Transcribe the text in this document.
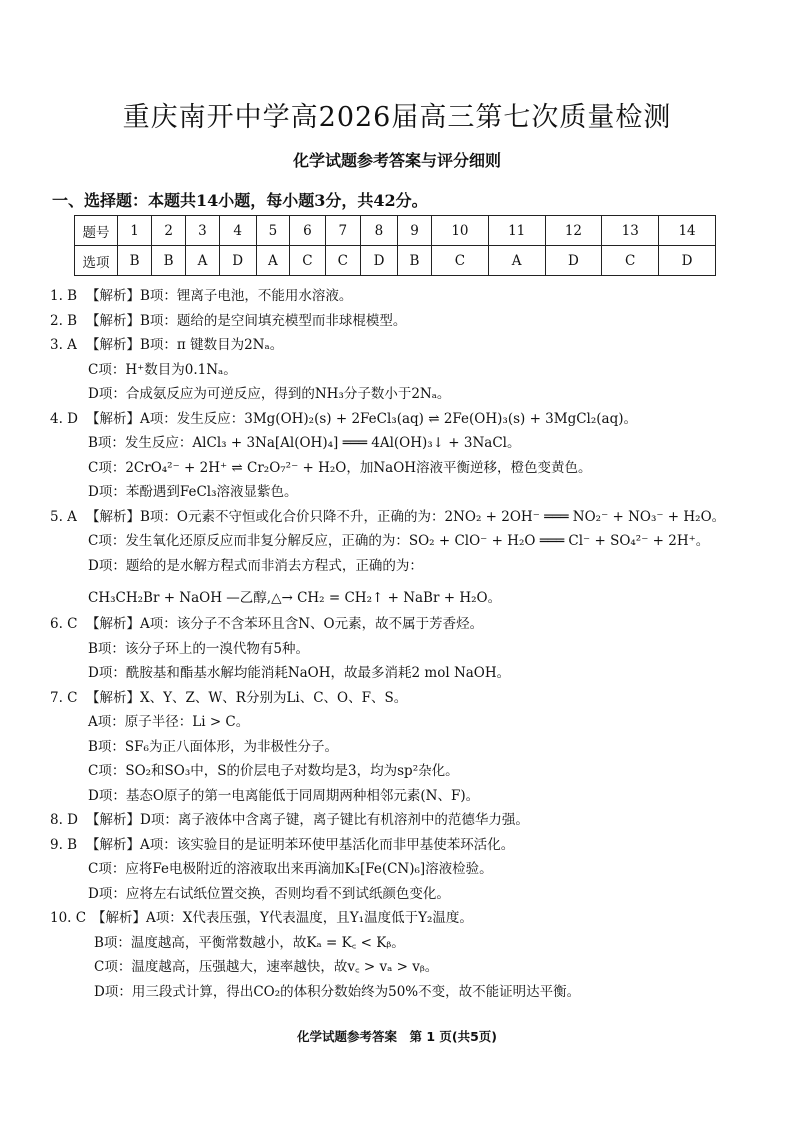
重庆南开中学高2026届高三第七次质量检测
化学试题参考答案与评分细则
一、选择题：本题共14小题，每小题3分，共42分。
题号	1	2	3	4	5	6	7	8	9	10	11	12	13	14
选项	B	B	A	D	A	C	C	D	B	C	A	D	C	D
1. B 【解析】B项：锂离子电池，不能用水溶液。
2. B 【解析】B项：题给的是空间填充模型而非球棍模型。
3. A 【解析】B项：π 键数目为2Nₐ。
C项：H⁺数目为0.1Nₐ。
D项：合成氨反应为可逆反应，得到的NH₃分子数小于2Nₐ。
4. D 【解析】A项：发生反应：3Mg(OH)₂(s) + 2FeCl₃(aq) ⇌ 2Fe(OH)₃(s) + 3MgCl₂(aq)。
B项：发生反应：AlCl₃ + 3Na[Al(OH)₄] ═══ 4Al(OH)₃↓ + 3NaCl。
C项：2CrO₄²⁻ + 2H⁺ ⇌ Cr₂O₇²⁻ + H₂O，加NaOH溶液平衡逆移，橙色变黄色。
D项：苯酚遇到FeCl₃溶液显紫色。
5. A 【解析】B项：O元素不守恒或化合价只降不升，正确的为：2NO₂ + 2OH⁻ ═══ NO₂⁻ + NO₃⁻ + H₂O。
C项：发生氧化还原反应而非复分解反应，正确的为：SO₂ + ClO⁻ + H₂O ═══ Cl⁻ + SO₄²⁻ + 2H⁺。
D项：题给的是水解方程式而非消去方程式，正确的为：
CH₃CH₂Br + NaOH —乙醇,△→ CH₂ = CH₂↑ + NaBr + H₂O。
6. C 【解析】A项：该分子不含苯环且含N、O元素，故不属于芳香烃。
B项：该分子环上的一溴代物有5种。
D项：酰胺基和酯基水解均能消耗NaOH，故最多消耗2 mol NaOH。
7. C 【解析】X、Y、Z、W、R分别为Li、C、O、F、S。
A项：原子半径：Li > C。
B项：SF₆为正八面体形，为非极性分子。
C项：SO₂和SO₃中，S的价层电子对数均是3，均为sp²杂化。
D项：基态O原子的第一电离能低于同周期两种相邻元素(N、F)。
8. D 【解析】D项：离子液体中含离子键，离子键比有机溶剂中的范德华力强。
9. B 【解析】A项：该实验目的是证明苯环使甲基活化而非甲基使苯环活化。
C项：应将Fe电极附近的溶液取出来再滴加K₃[Fe(CN)₆]溶液检验。
D项：应将左右试纸位置交换，否则均看不到试纸颜色变化。
10. C 【解析】A项：X代表压强，Y代表温度，且Y₁温度低于Y₂温度。
B项：温度越高，平衡常数越小，故Kₐ = K꜀ < Kᵦ。
C项：温度越高，压强越大，速率越快，故v꜀ > vₐ > vᵦ。
D项：用三段式计算，得出CO₂的体积分数始终为50%不变，故不能证明达平衡。
化学试题参考答案　第 1 页(共5页)
